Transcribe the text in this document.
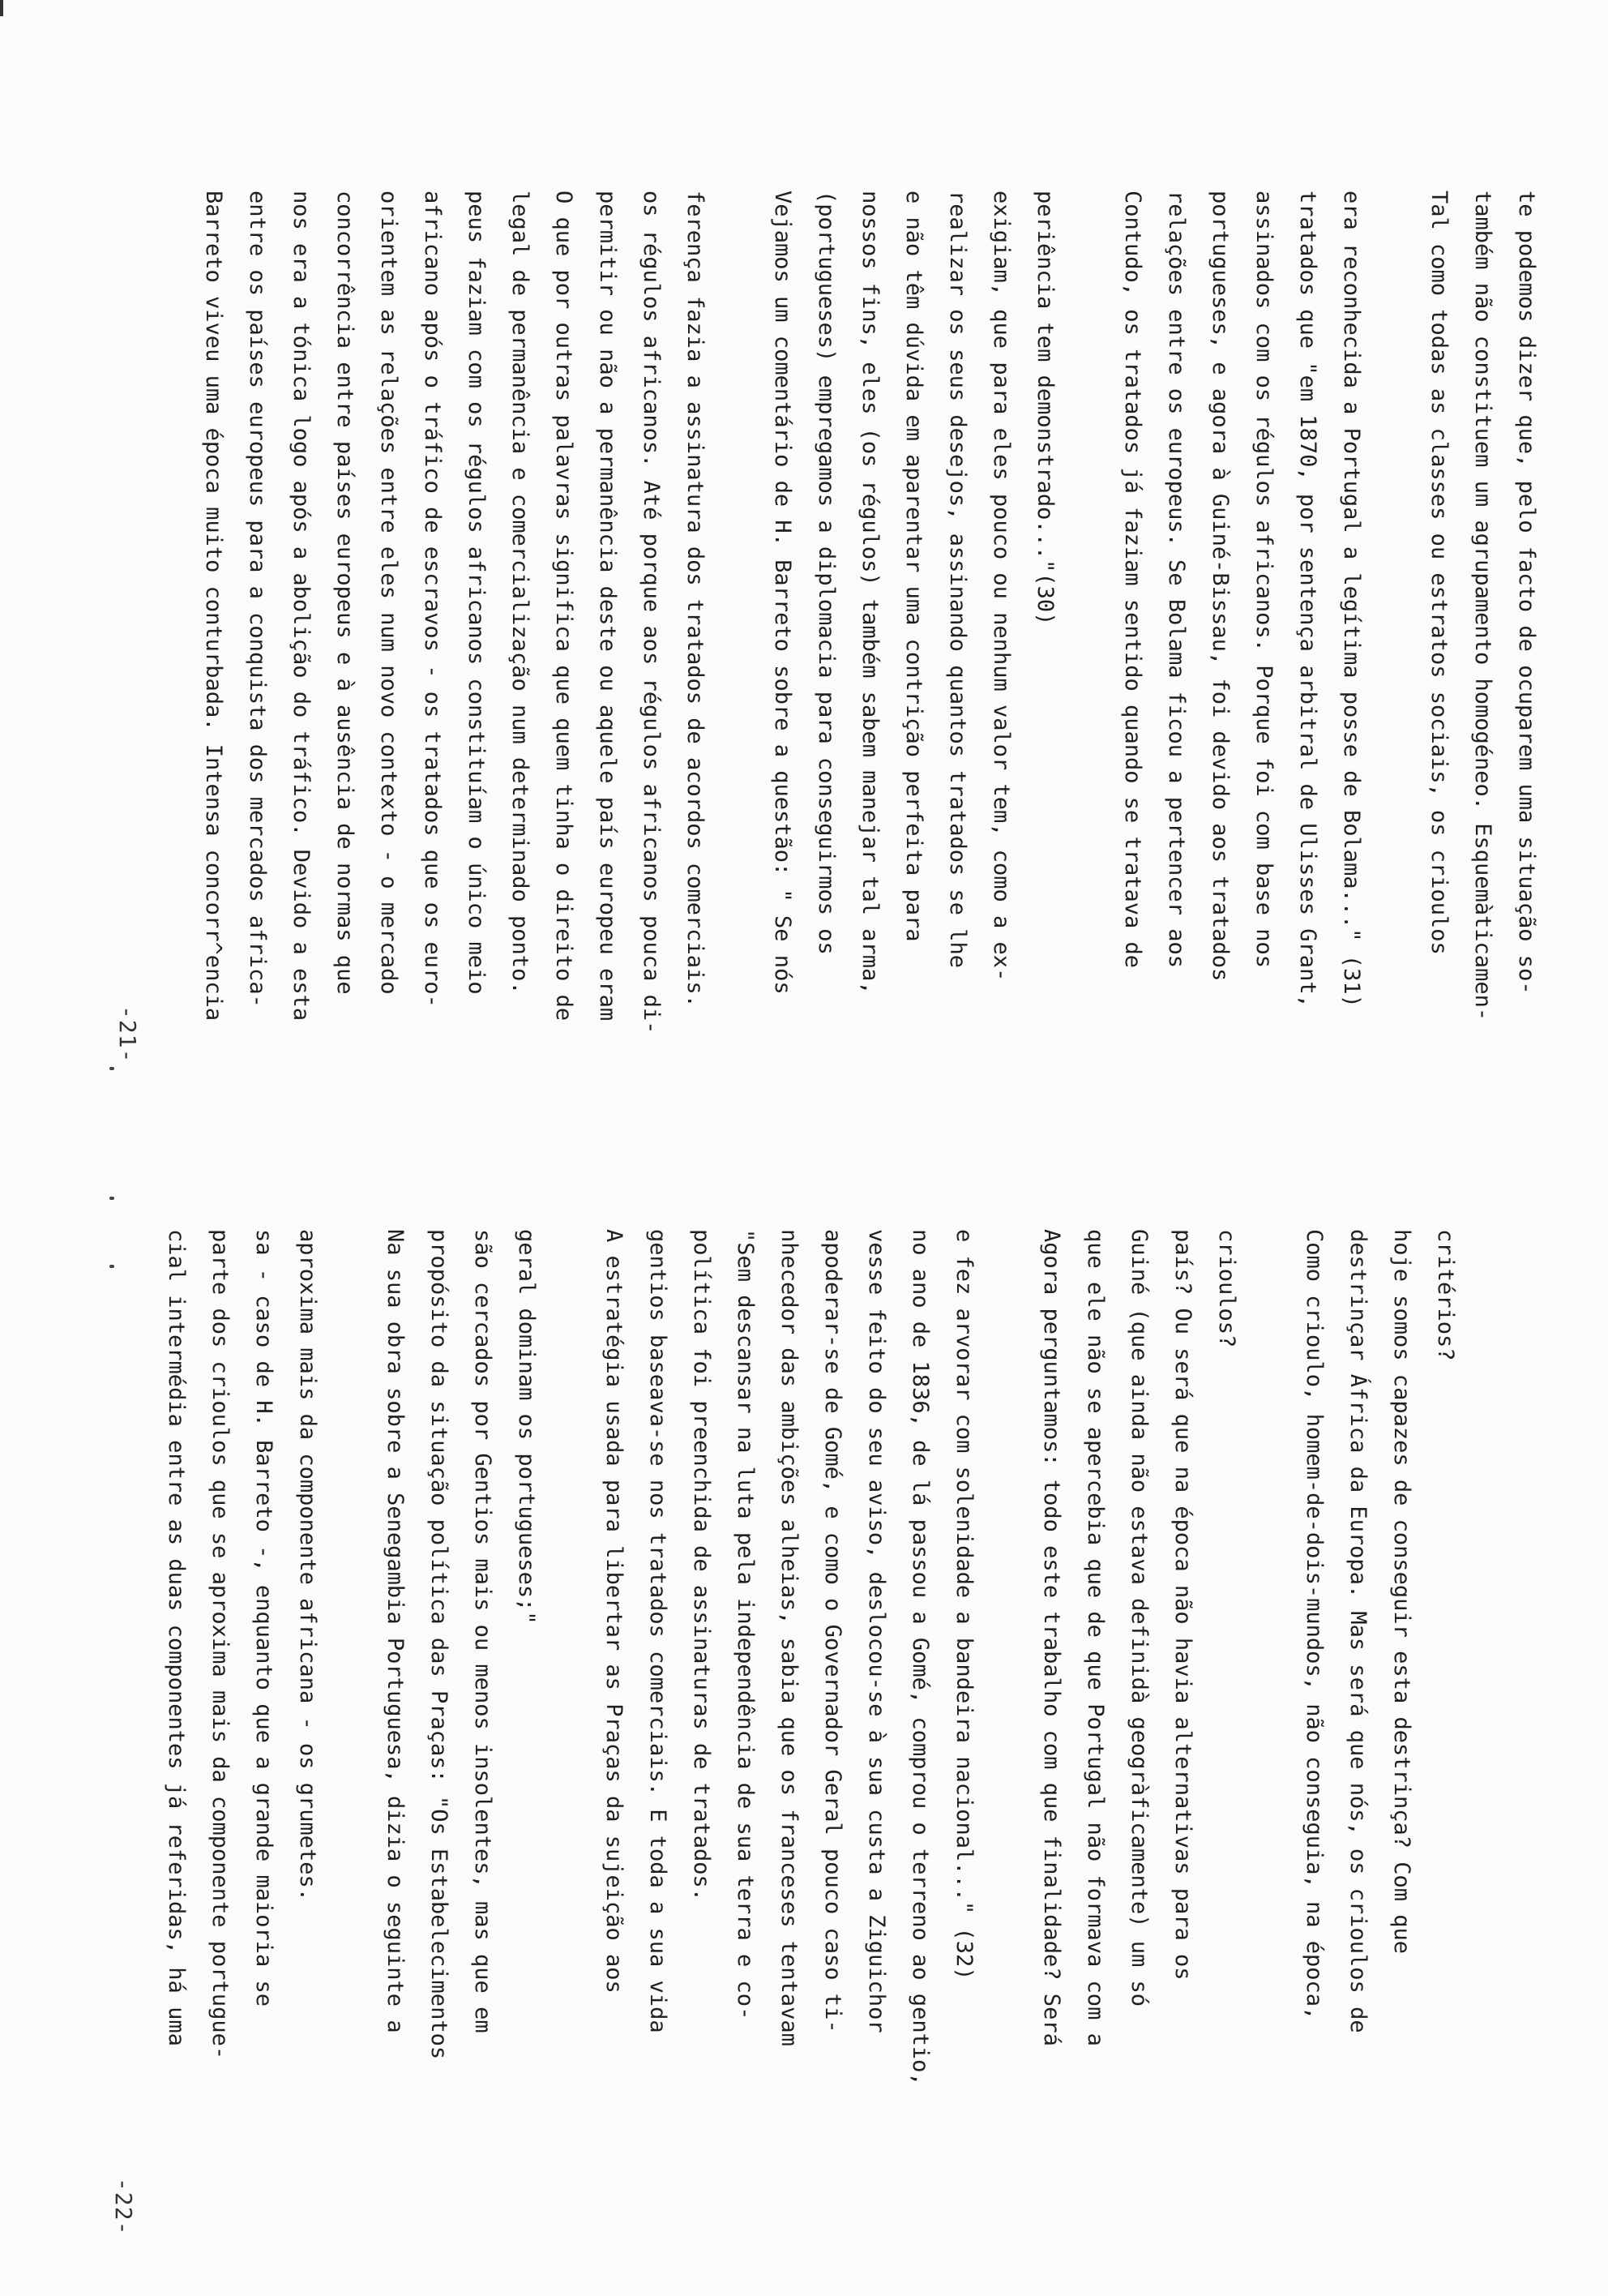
-21-
Barreto viveu uma época muito conturbada. Intensa concorr^encia entre os países europeus para a conquista dos mercados africa- nos era a tónica logo após a abolição do tráfico. Devido a esta concorrência entre países europeus e à ausência de normas que orientem as relações entre eles num novo contexto - o mercado africano após o tráfico de escravos - os tratados que os euro- peus faziam com os régulos africanos constituíam o único meio legal de permanência e comercialização num determinado ponto. O que por outras palavras significa que quem tinha o direito de permitir ou não a permanência deste ou aquele país europeu eram os régulos africanos. Até porque aos régulos africanos pouca di- ferença fazia a assinatura dos tratados de acordos comerciais.	Vejamos um comentário de H. Barreto sobre a questão: " Se nós (portugueses) empregamos a diplomacia para conseguirmos os nossos fins, eles (os régulos) também sabem manejar tal arma, e não têm dúvida em aparentar uma contrição perfeita para realizar os seus desejos, assinando quantos tratados se lhe exigiam, que para eles pouco ou nenhum valor tem, como a ex- periência tem demonstrado..."(30)	Contudo, os tratados já faziam sentido quando se tratava de relações entre os europeus. Se Bolama ficou a pertencer aos portugueses, e agora à Guiné-Bissau, foi devido aos tratados assinados com os régulos africanos. Porque foi com base nos tratados que "em 1870, por sentença arbitral de Ulisses Grant, era reconhecida a Portugal a legítima posse de Bolama..." (31)	Tal como todas as classes ou estratos sociais, os crioulos também não constituem um agrupamento homogéneo. Esquemàticamen- te podemos dizer que, pelo facto de ocuparem uma situação so-
-22-
cial intermédia entre as duas componentes já referidas, há uma parte dos crioulos que se aproxima mais da componente portugue- sa - caso de H. Barreto -, enquanto que a grande maioria se aproxima mais da componente africana - os grumetes.	Na sua obra sobre a Senegambia Portuguesa, dizia o seguinte a propósito da situação política das Praças: "Os Estabelecimentos são cercados por Gentios mais ou menos insolentes, mas que em geral dominam os portugueses;"	A estratégia usada para libertar as Praças da sujeição aos gentios baseava-se nos tratados comerciais. E toda a sua vida política foi preenchida de assinaturas de tratados. "Sem descansar na luta pela independência de sua terra e co- nhecedor das ambições alheias, sabia que os franceses tentavam apoderar-se de Gomé, e como o Governador Geral pouco caso ti- vesse feito do seu aviso, deslocou-se à sua custa a Ziguichor no ano de 1836, de lá passou a Gomé, comprou o terreno ao gentio, e fez arvorar com solenidade a bandeira nacional..." (32)	Agora perguntamos: todo este trabalho com que finalidade? Será que ele não se apercebia que de que Portugal não formava com a Guiné (que ainda não estava definidà geogràficamente) um só país? Ou será que na época não havia alternativas para os crioulos?	Como crioulo, homem-de-dois-mundos, não conseguia, na época, destrinçar África da Europa. Mas será que nós, os crioulos de hoje somos capazes de conseguir esta destrinça? Com que critérios?
